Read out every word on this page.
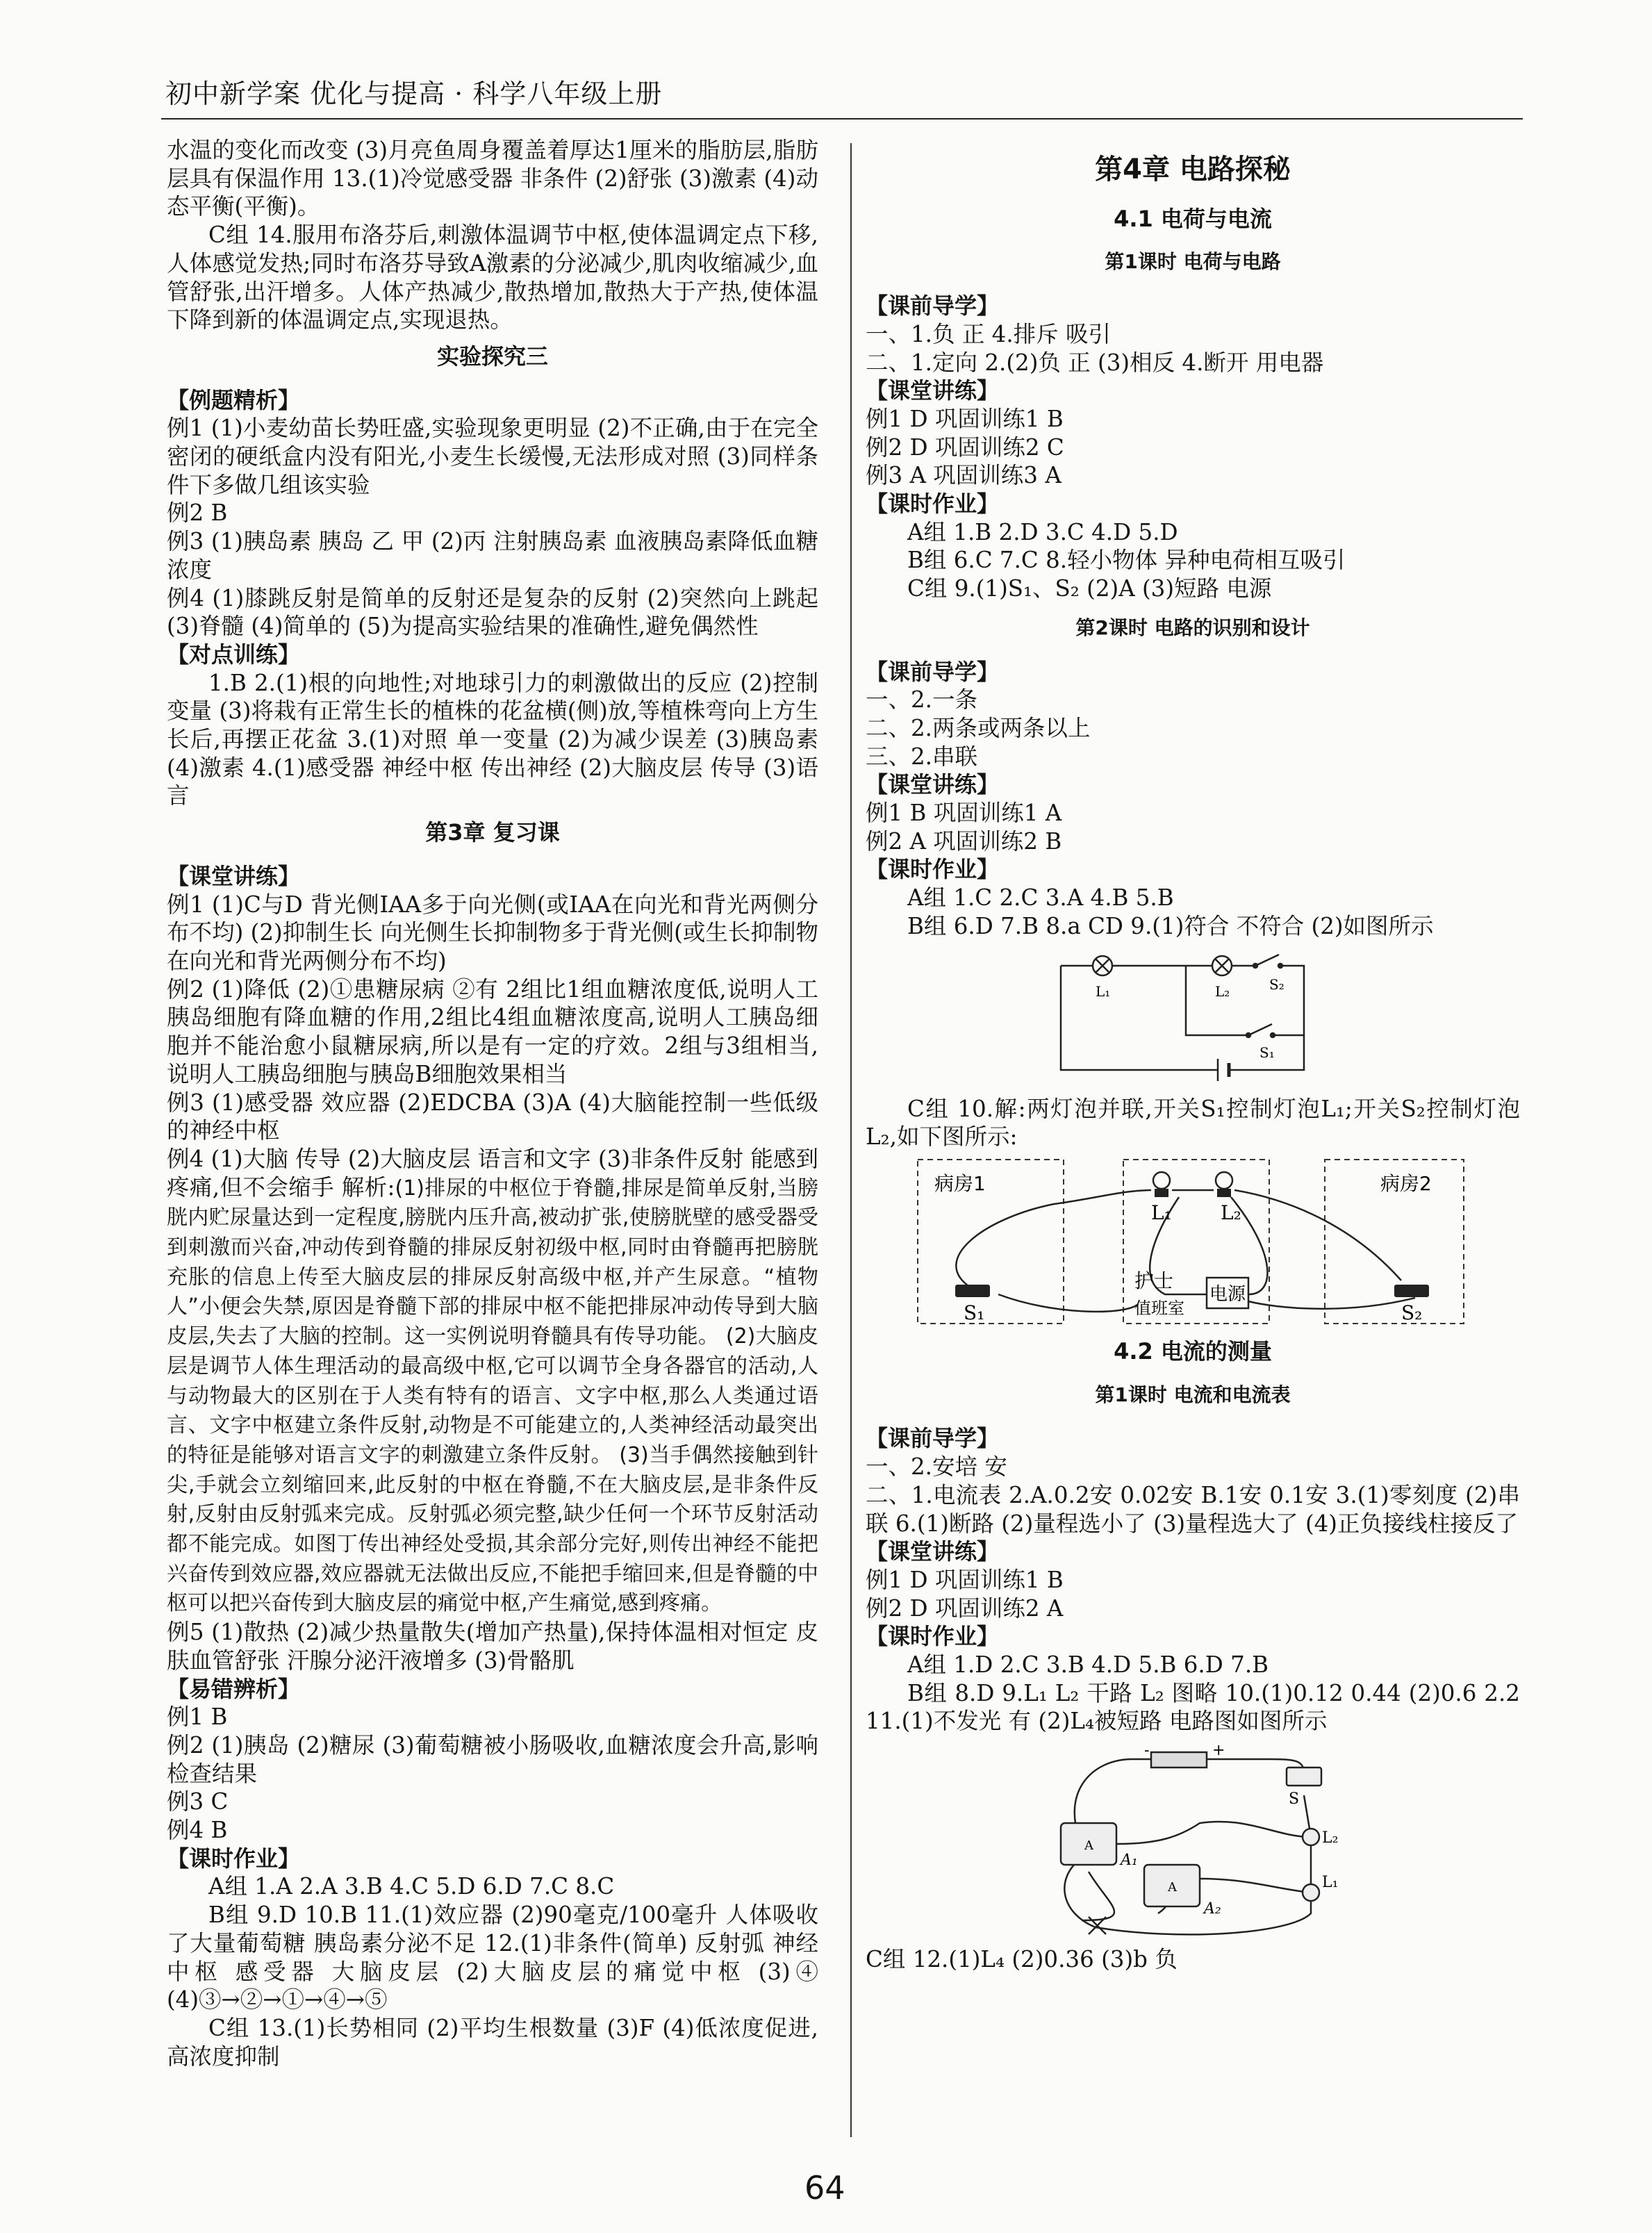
初中新学案 优化与提高 · 科学八年级上册

水温的变化而改变 (3)月亮鱼周身覆盖着厚达1厘米的脂肪层,脂肪层具有保温作用 13.(1)冷觉感受器 非条件 (2)舒张 (3)激素 (4)动态平衡(平衡)。

C组 14.服用布洛芬后,刺激体温调节中枢,使体温调定点下移,人体感觉发热;同时布洛芬导致A激素的分泌减少,肌肉收缩减少,血管舒张,出汗增多。人体产热减少,散热增加,散热大于产热,使体温下降到新的体温调定点,实现退热。

实验探究三

【例题精析】

例1 (1)小麦幼苗长势旺盛,实验现象更明显 (2)不正确,由于在完全密闭的硬纸盒内没有阳光,小麦生长缓慢,无法形成对照 (3)同样条件下多做几组该实验

例2 B

例3 (1)胰岛素 胰岛 乙 甲 (2)丙 注射胰岛素 血液胰岛素降低血糖浓度

例4 (1)膝跳反射是简单的反射还是复杂的反射 (2)突然向上跳起 (3)脊髓 (4)简单的 (5)为提高实验结果的准确性,避免偶然性

【对点训练】

1.B 2.(1)根的向地性;对地球引力的刺激做出的反应 (2)控制变量 (3)将栽有正常生长的植株的花盆横(侧)放,等植株弯向上方生长后,再摆正花盆 3.(1)对照 单一变量 (2)为减少误差 (3)胰岛素 (4)激素 4.(1)感受器 神经中枢 传出神经 (2)大脑皮层 传导 (3)语言

第3章 复习课

【课堂讲练】

例1 (1)C与D 背光侧IAA多于向光侧(或IAA在向光和背光两侧分布不均) (2)抑制生长 向光侧生长抑制物多于背光侧(或生长抑制物在向光和背光两侧分布不均)

例2 (1)降低 (2)①患糖尿病 ②有 2组比1组血糖浓度低,说明人工胰岛细胞有降血糖的作用,2组比4组血糖浓度高,说明人工胰岛细胞并不能治愈小鼠糖尿病,所以是有一定的疗效。2组与3组相当,说明人工胰岛细胞与胰岛B细胞效果相当

例3 (1)感受器 效应器 (2)EDCBA (3)A (4)大脑能控制一些低级的神经中枢

例4 (1)大脑 传导 (2)大脑皮层 语言和文字 (3)非条件反射 能感到疼痛,但不会缩手 解析:(1)排尿的中枢位于脊髓,排尿是简单反射,当膀胱内贮尿量达到一定程度,膀胱内压升高,被动扩张,使膀胱壁的感受器受到刺激而兴奋,冲动传到脊髓的排尿反射初级中枢,同时由脊髓再把膀胱充胀的信息上传至大脑皮层的排尿反射高级中枢,并产生尿意。“植物人”小便会失禁,原因是脊髓下部的排尿中枢不能把排尿冲动传导到大脑皮层,失去了大脑的控制。这一实例说明脊髓具有传导功能。 (2)大脑皮层是调节人体生理活动的最高级中枢,它可以调节全身各器官的活动,人与动物最大的区别在于人类有特有的语言、文字中枢,那么人类通过语言、文字中枢建立条件反射,动物是不可能建立的,人类神经活动最突出的特征是能够对语言文字的刺激建立条件反射。 (3)当手偶然接触到针尖,手就会立刻缩回来,此反射的中枢在脊髓,不在大脑皮层,是非条件反射,反射由反射弧来完成。反射弧必须完整,缺少任何一个环节反射活动都不能完成。如图丁传出神经处受损,其余部分完好,则传出神经不能把兴奋传到效应器,效应器就无法做出反应,不能把手缩回来,但是脊髓的中枢可以把兴奋传到大脑皮层的痛觉中枢,产生痛觉,感到疼痛。

例5 (1)散热 (2)减少热量散失(增加产热量),保持体温相对恒定 皮肤血管舒张 汗腺分泌汗液增多 (3)骨骼肌

【易错辨析】

例1 B

例2 (1)胰岛 (2)糖尿 (3)葡萄糖被小肠吸收,血糖浓度会升高,影响检查结果

例3 C

例4 B

【课时作业】

A组 1.A 2.A 3.B 4.C 5.D 6.D 7.C 8.C

B组 9.D 10.B 11.(1)效应器 (2)90毫克/100毫升 人体吸收了大量葡萄糖 胰岛素分泌不足 12.(1)非条件(简单) 反射弧 神经中枢 感受器 大脑皮层 (2)大脑皮层的痛觉中枢 (3)④ (4)③→②→①→④→⑤

C组 13.(1)长势相同 (2)平均生根数量 (3)F (4)低浓度促进,高浓度抑制

第4章 电路探秘

4.1 电荷与电流

第1课时 电荷与电路

【课前导学】

一、1.负 正 4.排斥 吸引

二、1.定向 2.(2)负 正 (3)相反 4.断开 用电器

【课堂讲练】

例1 D 巩固训练1 B

例2 D 巩固训练2 C

例3 A 巩固训练3 A

【课时作业】

A组 1.B 2.D 3.C 4.D 5.D

B组 6.C 7.C 8.轻小物体 异种电荷相互吸引

C组 9.(1)S₁、S₂ (2)A (3)短路 电源

第2课时 电路的识别和设计

【课前导学】

一、2.一条

二、2.两条或两条以上

三、2.串联

【课堂讲练】

例1 B 巩固训练1 A

例2 A 巩固训练2 B

【课时作业】

A组 1.C 2.C 3.A 4.B 5.B

B组 6.D 7.B 8.a CD 9.(1)符合 不符合 (2)如图所示

L₁	L₂	S₂
S₁

C组 10.解:两灯泡并联,开关S₁控制灯泡L₁;开关S₂控制灯泡L₂,如下图所示:

病房1	病房2
护士
值班室
电源
L₁	L₂
S₁	S₂

4.2 电流的测量

第1课时 电流和电流表

【课前导学】

一、2.安培 安

二、1.电流表 2.A.0.2安 0.02安 B.1安 0.1安 3.(1)零刻度 (2)串联 6.(1)断路 (2)量程选小了 (3)量程选大了 (4)正负接线柱接反了

【课堂讲练】

例1 D 巩固训练1 B

例2 D 巩固训练2 A

【课时作业】

A组 1.D 2.C 3.B 4.D 5.B 6.D 7.B

B组 8.D 9.L₁ L₂ 干路 L₂ 图略 10.(1)0.12 0.44 (2)0.6 2.2 11.(1)不发光 有 (2)L₄被短路 电路图如图所示

A
A
-	+
S
A₁
A₂
L₂
L₁

C组 12.(1)L₄ (2)0.36 (3)b 负

64
